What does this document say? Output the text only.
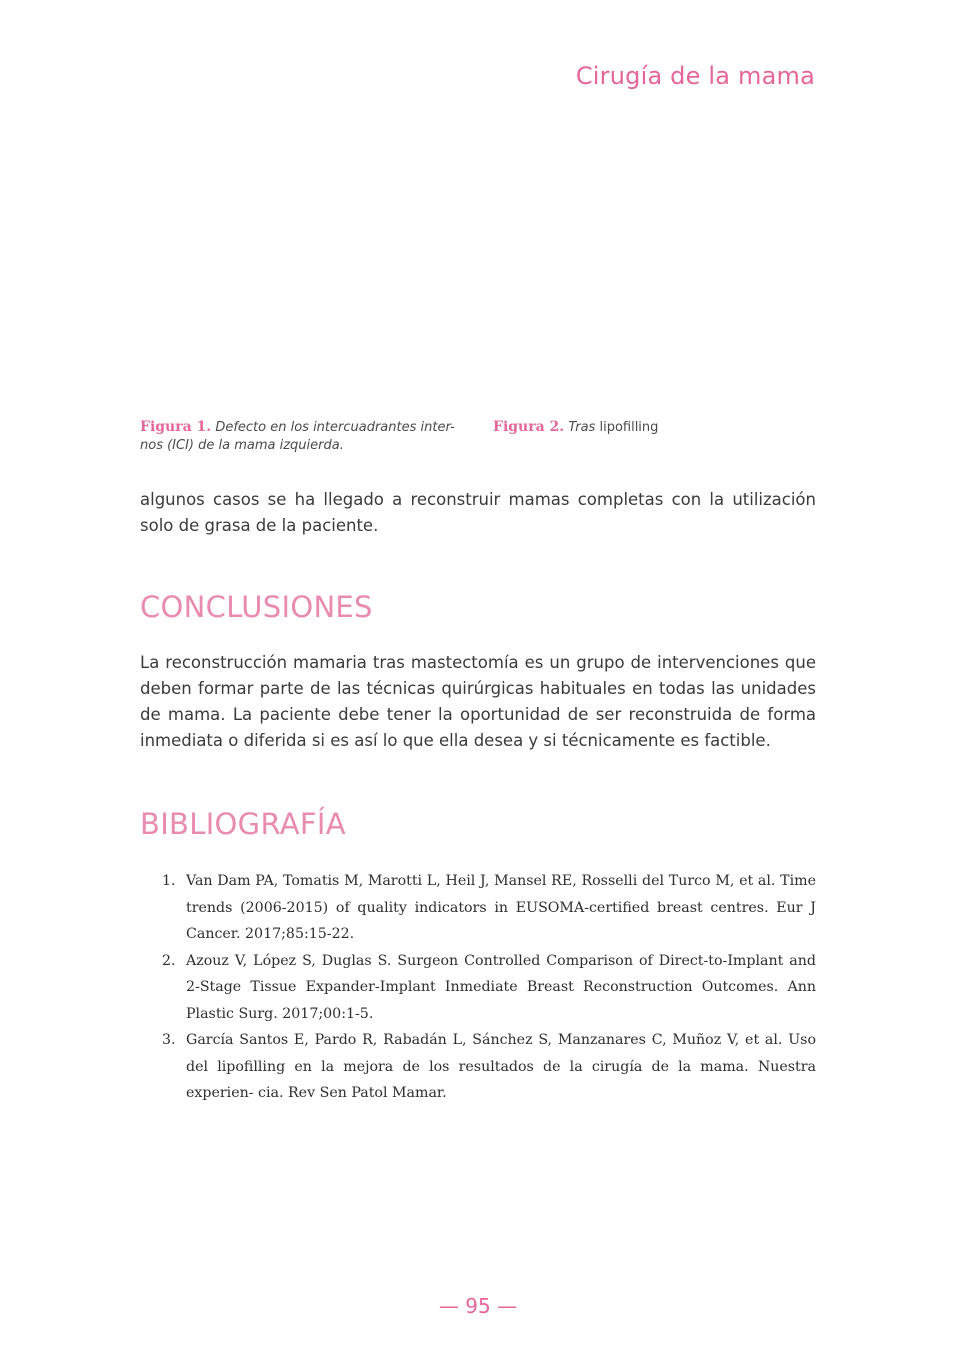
Cirugía de la mama
Figura 1. Defecto en los intercuadrantes inter- nos (ICI) de la mama izquierda.
Figura 2. Tras lipofilling

algunos casos se ha llegado a reconstruir mamas completas con la utilización solo de grasa de la paciente.

CONCLUSIONES

La reconstrucción mamaria tras mastectomía es un grupo de intervenciones que deben formar parte de las técnicas quirúrgicas habituales en todas las unidades de mama. La paciente debe tener la oportunidad de ser reconstruida de forma inmediata o diferida si es así lo que ella desea y si técnicamente es factible.

BIBLIOGRAFÍA
1. Van Dam PA, Tomatis M, Marotti L, Heil J, Mansel RE, Rosselli del Turco M, et al. Time trends (2006-2015) of quality indicators in EUSOMA-certified breast centres. Eur J Cancer. 2017;85:15-22.
2. Azouz V, López S, Duglas S. Surgeon Controlled Comparison of Direct-to-Implant and 2-Stage Tissue Expander-Implant Inmediate Breast Reconstruction Outcomes. Ann Plastic Surg. 2017;00:1-5.
3. García Santos E, Pardo R, Rabadán L, Sánchez S, Manzanares C, Muñoz V, et al. Uso del lipofilling en la mejora de los resultados de la cirugía de la mama. Nuestra experien- cia. Rev Sen Patol Mamar.
— 95 —
